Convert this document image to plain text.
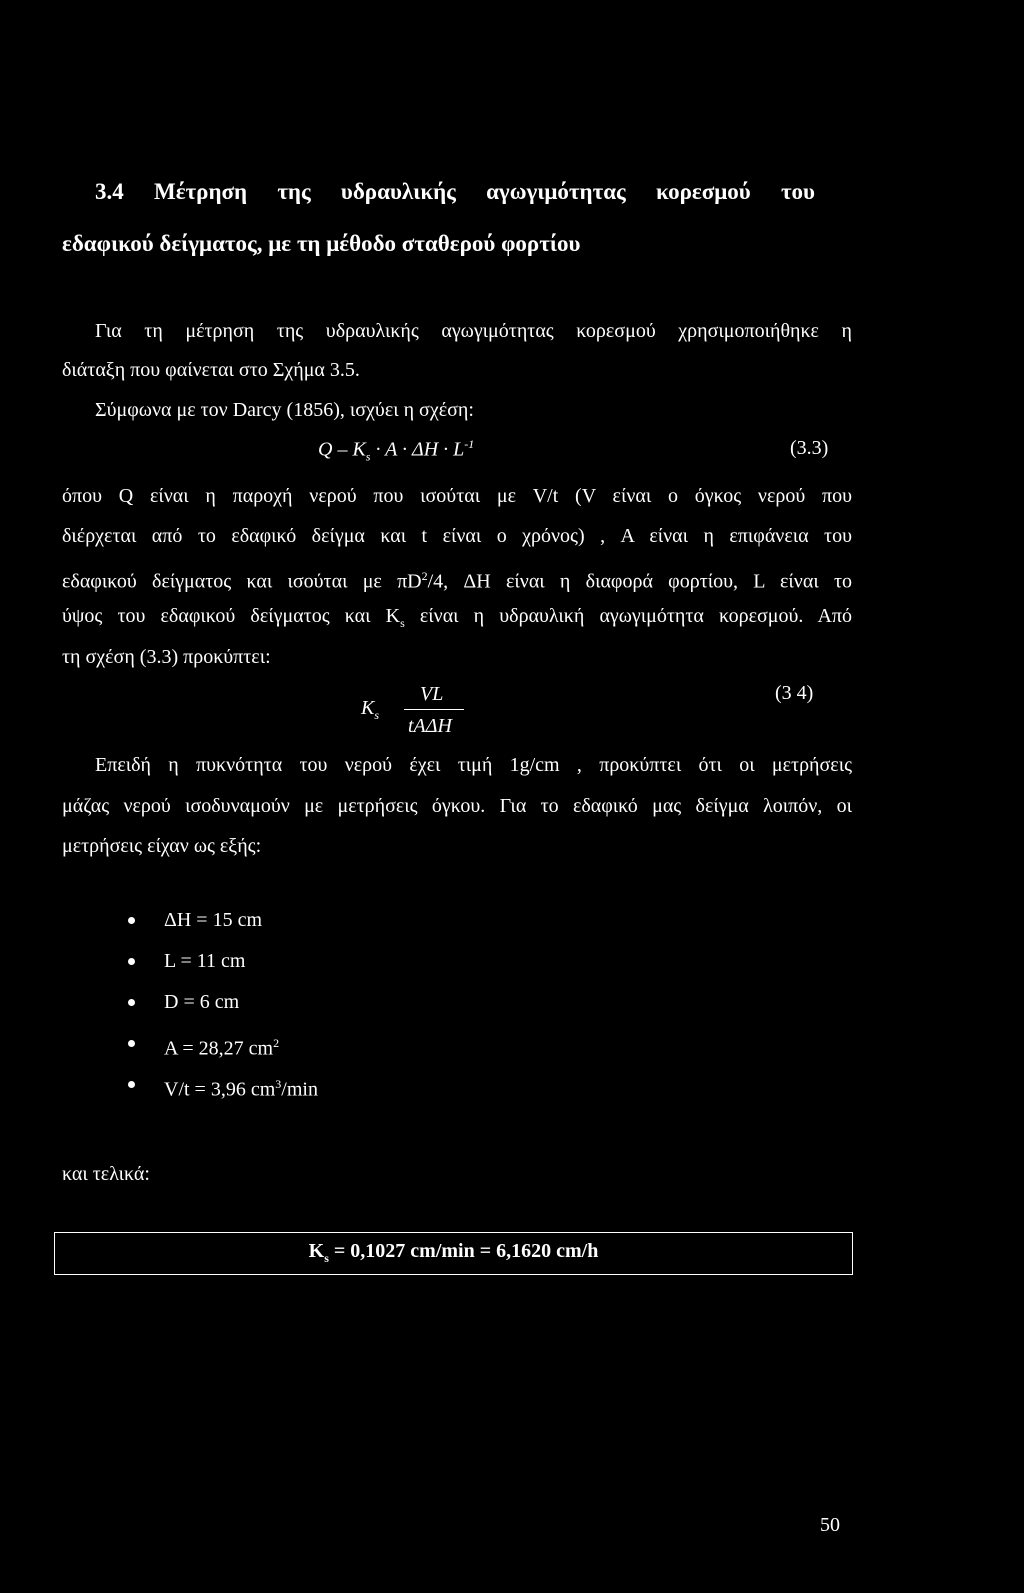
3.4 Μέτρηση της υδραυλικής αγωγιμότητας κορεσμού του
εδαφικού δείγματος, με τη μέθοδο σταθερού φορτίου
Για τη μέτρηση της υδραυλικής αγωγιμότητας κορεσμού χρησιμοποιήθηκε η
διάταξη που φαίνεται στο Σχήμα 3.5.
Σύμφωνα με τον Darcy (1856), ισχύει η σχέση:
$Q - K_s \cdot A \cdot \Delta H \cdot L^{-1}$	(3.3)
όπου Q είναι η παροχή νερού που ισούται με V/t (V είναι ο όγκος νερού που
διέρχεται από το εδαφικό δείγμα και t είναι ο χρόνος) , A είναι η επιφάνεια του
εδαφικού δείγματος και ισούται με $\pi D^2/4$, ΔΗ είναι η διαφορά φορτίου, L είναι το
ύψος του εδαφικού δείγματος και $K_s$ είναι η υδραυλική αγωγιμότητα κορεσμού. Από
τη σχέση (3.3) προκύπτει:
$K_s$
VL
tAΔH
(3 4)
Επειδή η πυκνότητα του νερού έχει τιμή 1g/cm , προκύπτει ότι οι μετρήσεις
μάζας νερού ισοδυναμούν με μετρήσεις όγκου. Για το εδαφικό μας δείγμα λοιπόν, οι
μετρήσεις είχαν ως εξής:
ΔΗ = 15 cm
L = 11 cm
D = 6 cm
A = 28,27 $cm^2$
V/t = 3,96 $cm^3/\min$
και τελικά:
$K_s = 0,1027$ cm/min = 6,1620 cm/h
50
